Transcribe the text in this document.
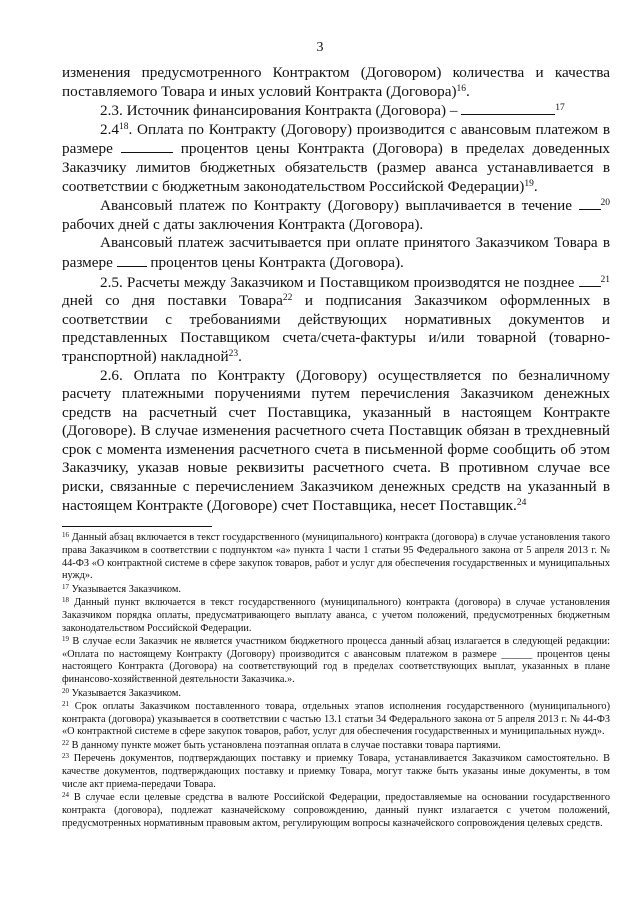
3

изменения предусмотренного Контрактом (Договором) количества и качества поставляемого Товара и иных условий Контракта (Договора)$^{16}$.

2.3. Источник финансирования Контракта (Договора) –	$^{17}$

$2.4^{18}$. Оплата по Контракту (Договору) производится с авансовым платежом в размере	процентов цены Контракта (Договора) в пределах доведенных Заказчику лимитов бюджетных обязательств (размер аванса устанавливается в соответствии с бюджетным законодательством Российской Федерации)$^{19}$.

Авансовый платеж по Контракту (Договору) выплачивается в течение	$^{20}$ рабочих дней с даты заключения Контракта (Договора).

Авансовый платеж засчитывается при оплате принятого Заказчиком Товара в размере процентов цены Контракта (Договора).

2.5. Расчеты между Заказчиком и Поставщиком производятся не позднее	$^{21}$ дней со дня поставки Товара$^{22}$ и подписания Заказчиком оформленных в соответствии с требованиями действующих нормативных документов и представленных Поставщиком счета/счета-фактуры и/или товарной (товарно-транспортной) накладной$^{23}$.

2.6. Оплата по Контракту (Договору) осуществляется по безналичному расчету платежными поручениями путем перечисления Заказчиком денежных средств на расчетный счет Поставщика, указанный в настоящем Контракте (Договоре). В случае изменения расчетного счета Поставщик обязан в трехдневный срок с момента изменения расчетного счета в письменной форме сообщить об этом Заказчику, указав новые реквизиты расчетного счета. В противном случае все риски, связанные с перечислением Заказчиком денежных средств на указанный в настоящем Контракте (Договоре) счет Поставщика, несет Поставщик.$^{24}$

$^{16}$ Данный абзац включается в текст государственного (муниципального) контракта (договора) в случае установления такого права Заказчиком в соответствии с подпунктом «а» пункта 1 части 1 статьи 95 Федерального закона от 5 апреля 2013 г. № 44-ФЗ «О контрактной системе в сфере закупок товаров, работ и услуг для обеспечения государственных и муниципальных нужд».

$^{17}$ Указывается Заказчиком.

$^{18}$ Данный пункт включается в текст государственного (муниципального) контракта (договора) в случае установления Заказчиком порядка оплаты, предусматривающего выплату аванса, с учетом положений, предусмотренных бюджетным законодательством Российской Федерации.

$^{19}$ В случае если Заказчик не является участником бюджетного процесса данный абзац излагается в следующей редакции: «Оплата по настоящему Контракту (Договору) производится с авансовым платежом в размере ______ процентов цены настоящего Контракта (Договора) на соответствующий год в пределах соответствующих выплат, указанных в плане финансово-хозяйственной деятельности Заказчика.».

$^{20}$ Указывается Заказчиком.

$^{21}$ Срок оплаты Заказчиком поставленного товара, отдельных этапов исполнения государственного (муниципального) контракта (договора) указывается в соответствии с частью 13.1 статьи 34 Федерального закона от 5 апреля 2013 г. № 44-ФЗ «О контрактной системе в сфере закупок товаров, работ, услуг для обеспечения государственных и муниципальных нужд».

$^{22}$ В данному пункте может быть установлена поэтапная оплата в случае поставки товара партиями.

$^{23}$ Перечень документов, подтверждающих поставку и приемку Товара, устанавливается Заказчиком самостоятельно. В качестве документов, подтверждающих поставку и приемку Товара, могут также быть указаны иные документы, в том числе акт приема-передачи Товара.

$^{24}$ В случае если целевые средства в валюте Российской Федерации, предоставляемые на основании государственного контракта (договора), подлежат казначейскому сопровождению, данный пункт излагается с учетом положений, предусмотренных нормативным правовым актом, регулирующим вопросы казначейского сопровождения целевых средств.
